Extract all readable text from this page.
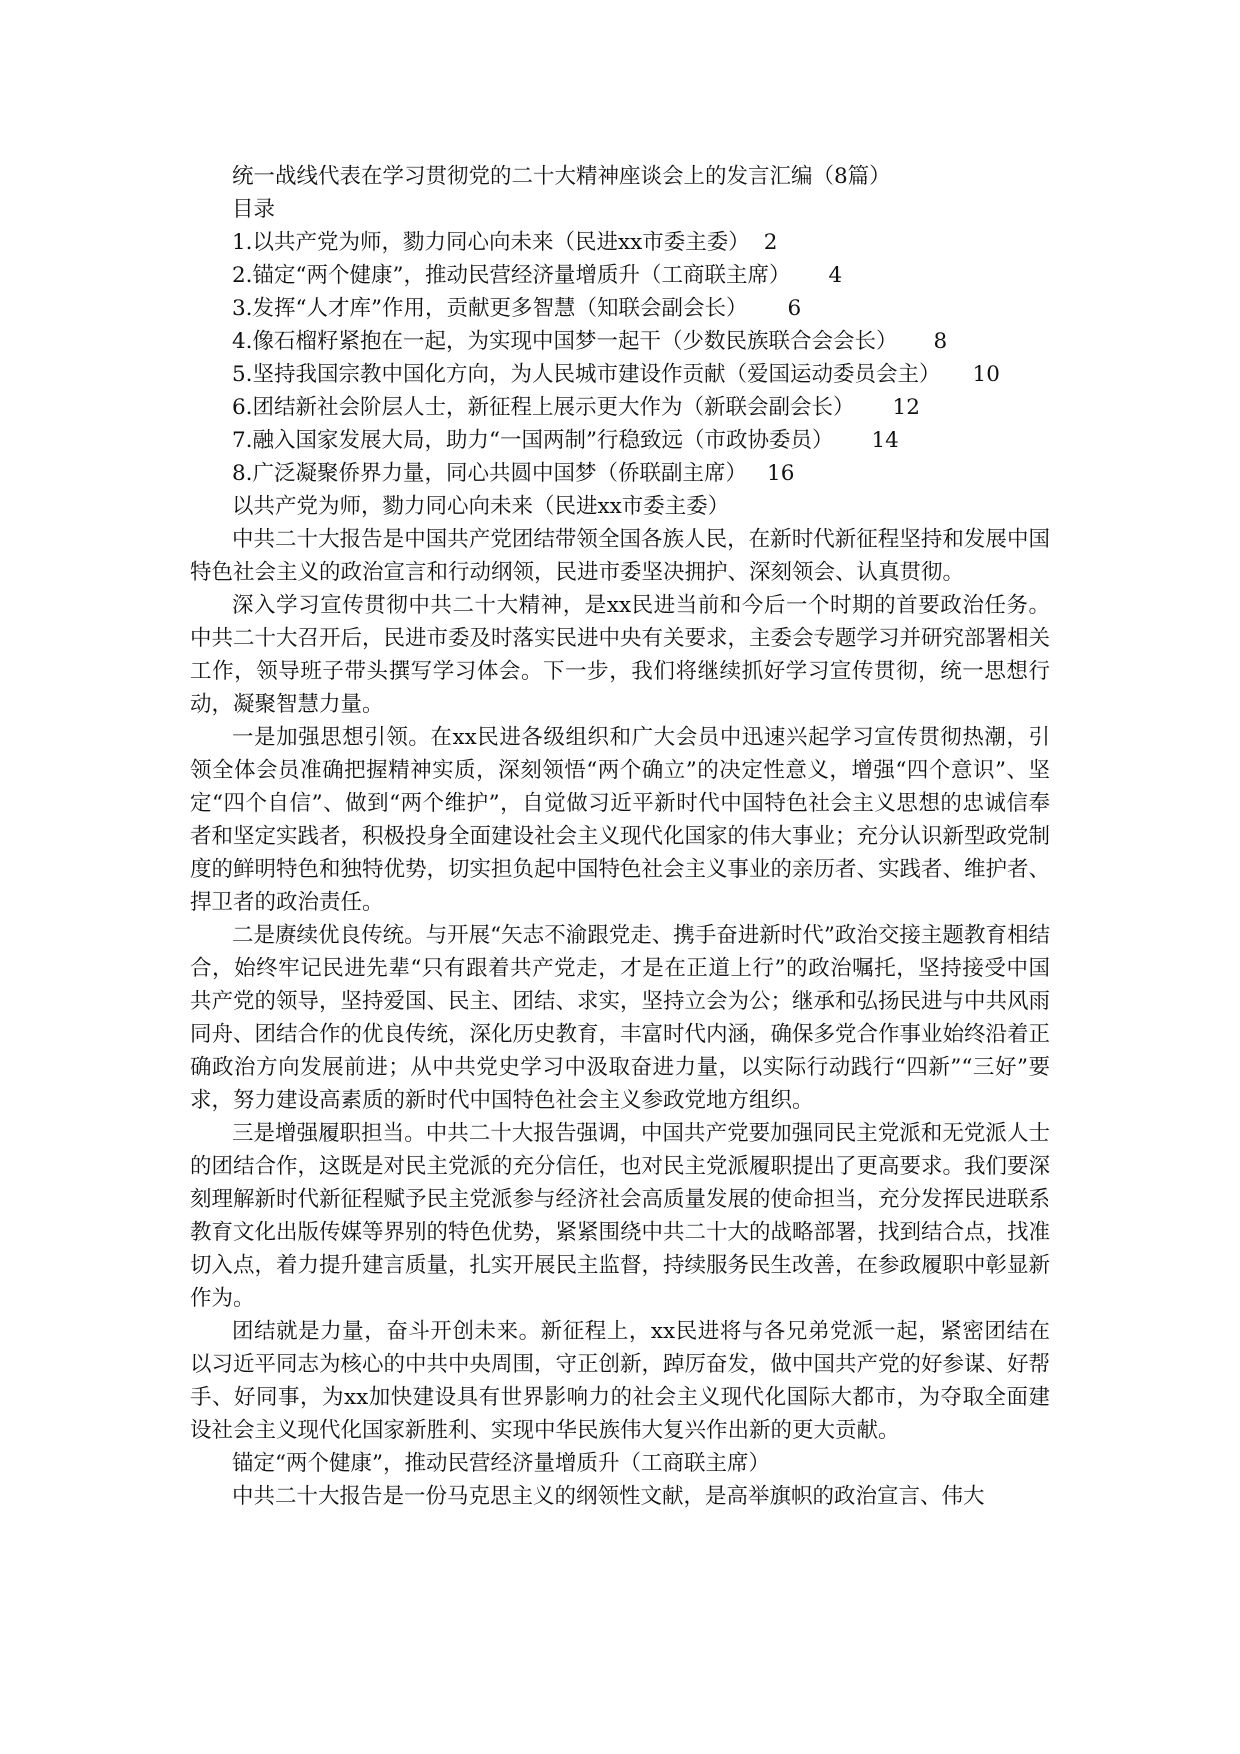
统一战线代表在学习贯彻党的二十大精神座谈会上的发言汇编（8篇）
目录
1.以共产党为师，勠力同心向未来（民进xx市委主委） 2
2.锚定“两个健康”，推动民营经济量增质升（工商联主席） 4
3.发挥“人才库”作用，贡献更多智慧（知联会副会长） 6
4.像石榴籽紧抱在一起，为实现中国梦一起干（少数民族联合会会长） 8
5.坚持我国宗教中国化方向，为人民城市建设作贡献（爱国运动委员会主） 10
6.团结新社会阶层人士，新征程上展示更大作为（新联会副会长） 12
7.融入国家发展大局，助力“一国两制”行稳致远（市政协委员） 14
8.广泛凝聚侨界力量，同心共圆中国梦（侨联副主席） 16
以共产党为师，勠力同心向未来（民进xx市委主委）

中共二十大报告是中国共产党团结带领全国各族人民，在新时代新征程坚持和发展中国特色社会主义的政治宣言和行动纲领，民进市委坚决拥护、深刻领会、认真贯彻。

深入学习宣传贯彻中共二十大精神，是xx民进当前和今后一个时期的首要政治任务。中共二十大召开后，民进市委及时落实民进中央有关要求，主委会专题学习并研究部署相关工作，领导班子带头撰写学习体会。下一步，我们将继续抓好学习宣传贯彻，统一思想行动，凝聚智慧力量。

一是加强思想引领。在xx民进各级组织和广大会员中迅速兴起学习宣传贯彻热潮，引领全体会员准确把握精神实质，深刻领悟“两个确立”的决定性意义，增强“四个意识”、坚定“四个自信”、做到“两个维护”，自觉做习近平新时代中国特色社会主义思想的忠诚信奉者和坚定实践者，积极投身全面建设社会主义现代化国家的伟大事业；充分认识新型政党制度的鲜明特色和独特优势，切实担负起中国特色社会主义事业的亲历者、实践者、维护者、捍卫者的政治责任。

二是赓续优良传统。与开展“矢志不渝跟党走、携手奋进新时代”政治交接主题教育相结合，始终牢记民进先辈“只有跟着共产党走，才是在正道上行”的政治嘱托，坚持接受中国共产党的领导，坚持爱国、民主、团结、求实，坚持立会为公；继承和弘扬民进与中共风雨同舟、团结合作的优良传统，深化历史教育，丰富时代内涵，确保多党合作事业始终沿着正确政治方向发展前进；从中共党史学习中汲取奋进力量，以实际行动践行“四新”“三好”要求，努力建设高素质的新时代中国特色社会主义参政党地方组织。

三是增强履职担当。中共二十大报告强调，中国共产党要加强同民主党派和无党派人士的团结合作，这既是对民主党派的充分信任，也对民主党派履职提出了更高要求。我们要深刻理解新时代新征程赋予民主党派参与经济社会高质量发展的使命担当，充分发挥民进联系教育文化出版传媒等界别的特色优势，紧紧围绕中共二十大的战略部署，找到结合点，找准切入点，着力提升建言质量，扎实开展民主监督，持续服务民生改善，在参政履职中彰显新作为。

团结就是力量，奋斗开创未来。新征程上，xx民进将与各兄弟党派一起，紧密团结在以习近平同志为核心的中共中央周围，守正创新，踔厉奋发，做中国共产党的好参谋、好帮手、好同事，为xx加快建设具有世界影响力的社会主义现代化国际大都市，为夺取全面建设社会主义现代化国家新胜利、实现中华民族伟大复兴作出新的更大贡献。

锚定“两个健康”，推动民营经济量增质升（工商联主席）

中共二十大报告是一份马克思主义的纲领性文献，是高举旗帜的政治宣言、伟大
